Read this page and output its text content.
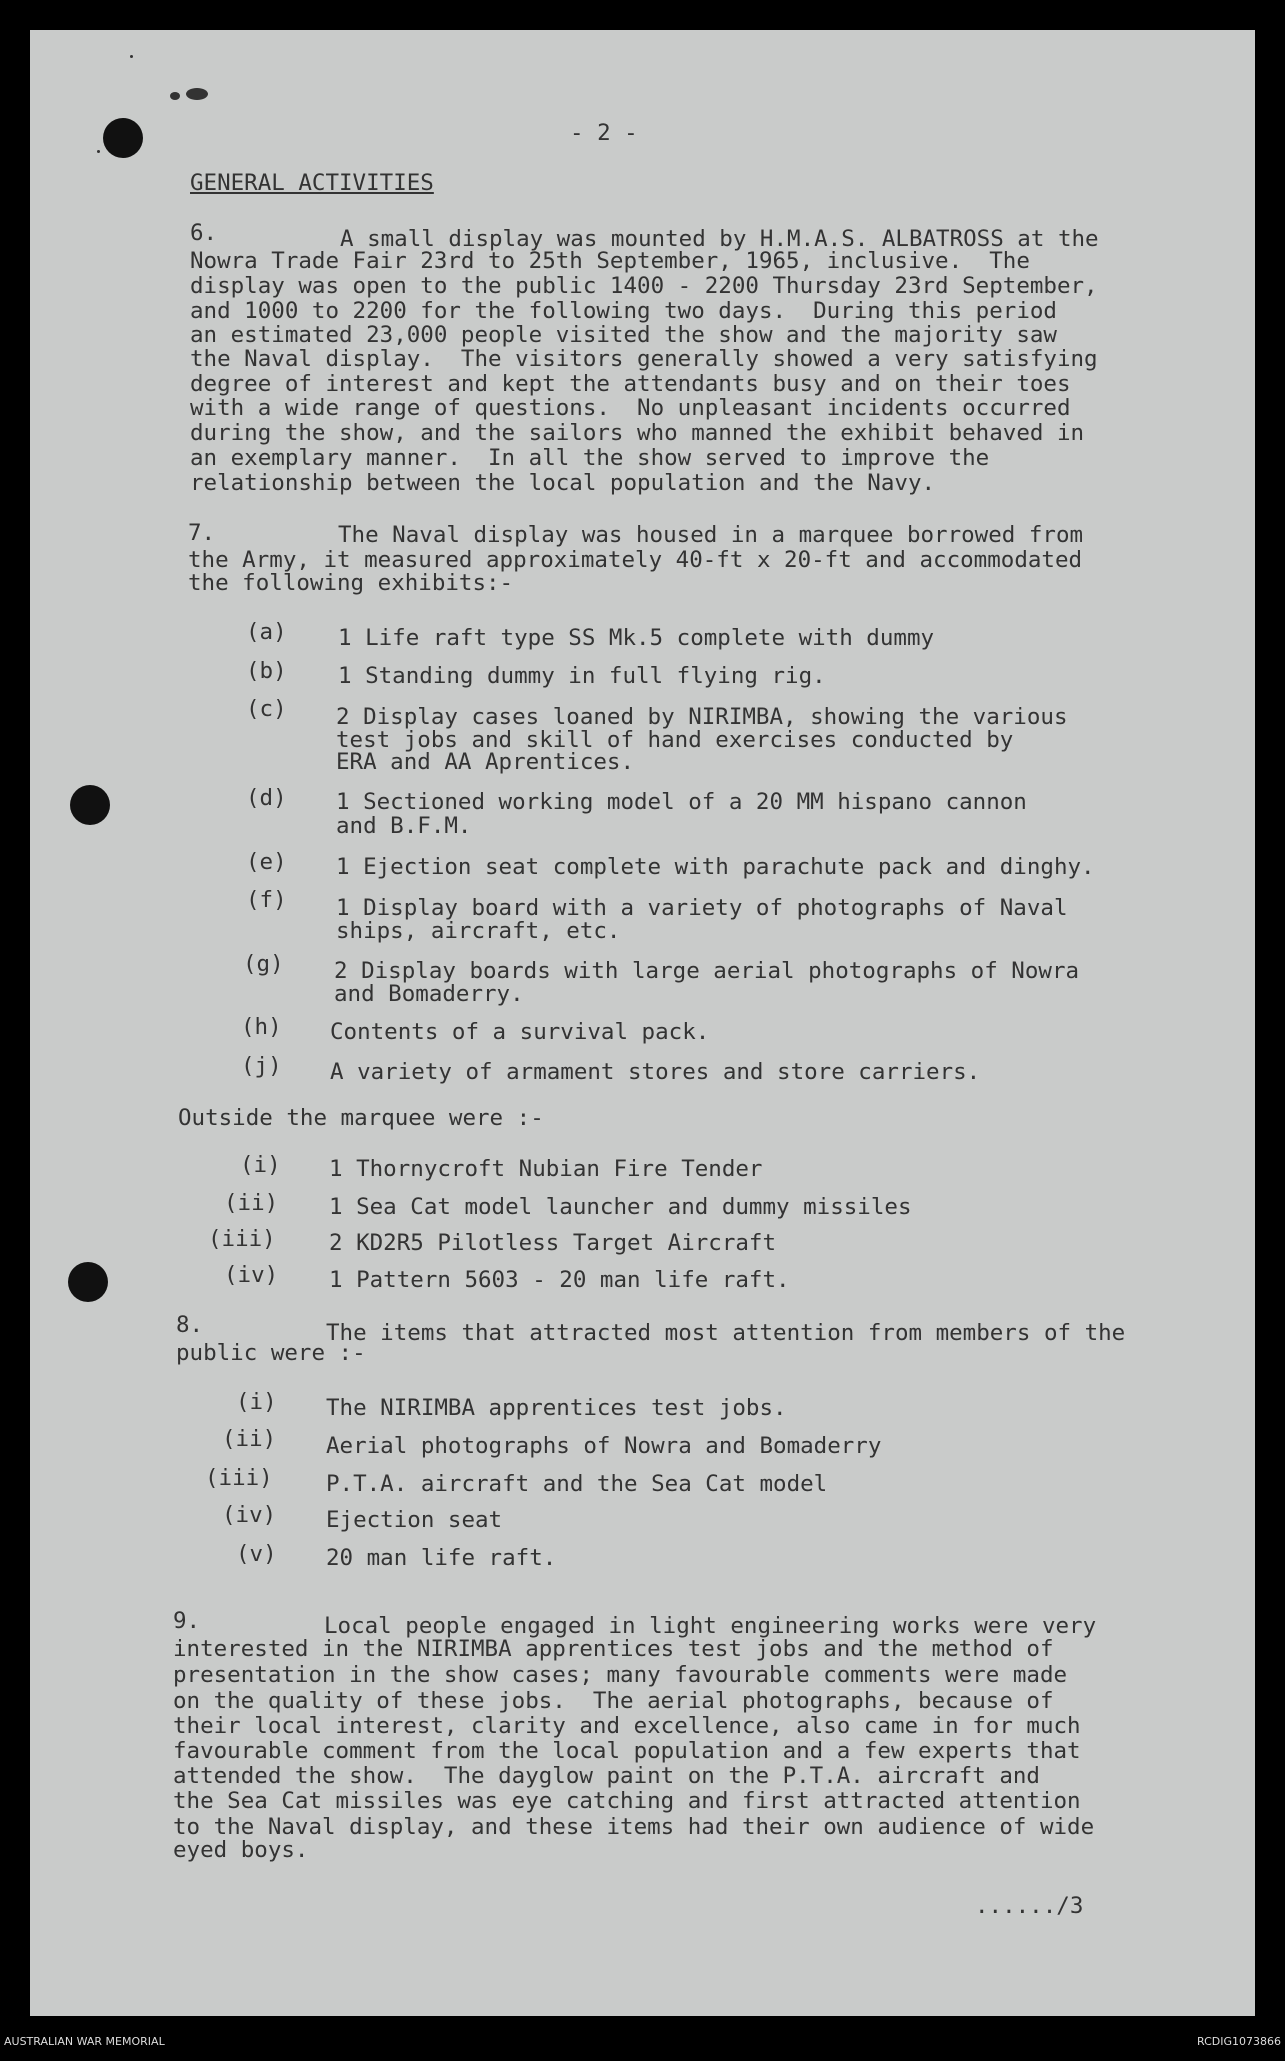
- 2 -
GENERAL ACTIVITIES
6.	A small display was mounted by H.M.A.S. ALBATROSS at the
Nowra Trade Fair 23rd to 25th September, 1965, inclusive.  The
display was open to the public 1400 - 2200 Thursday 23rd September,
and 1000 to 2200 for the following two days.  During this period
an estimated 23,000 people visited the show and the majority saw
the Naval display.  The visitors generally showed a very satisfying
degree of interest and kept the attendants busy and on their toes
with a wide range of questions.  No unpleasant incidents occurred
during the show, and the sailors who manned the exhibit behaved in
an exemplary manner.  In all the show served to improve the
relationship between the local population and the Navy.
7.	The Naval display was housed in a marquee borrowed from
the Army, it measured approximately 40-ft x 20-ft and accommodated
the following exhibits:-
(a) 1 Life raft type SS Mk.5 complete with dummy
(b) 1 Standing dummy in full flying rig.
(c) 2 Display cases loaned by NIRIMBA, showing the various
test jobs and skill of hand exercises conducted by
ERA and AA Aprentices.
(d) 1 Sectioned working model of a 20 MM hispano cannon
and B.F.M.
(e) 1 Ejection seat complete with parachute pack and dinghy.
(f) 1 Display board with a variety of photographs of Naval
ships, aircraft, etc.
(g) 2 Display boards with large aerial photographs of Nowra
and Bomaderry.
(h) Contents of a survival pack.
(j) A variety of armament stores and store carriers.
Outside the marquee were :-
(i) 1 Thornycroft Nubian Fire Tender
(ii) 1 Sea Cat model launcher and dummy missiles
(iii) 2 KD2R5 Pilotless Target Aircraft
(iv) 1 Pattern 5603 - 20 man life raft.
8.	The items that attracted most attention from members of the
public were :-
(i) The NIRIMBA apprentices test jobs.
(ii) Aerial photographs of Nowra and Bomaderry
(iii) P.T.A. aircraft and the Sea Cat model
(iv) Ejection seat
(v) 20 man life raft.
9.	Local people engaged in light engineering works were very
interested in the NIRIMBA apprentices test jobs and the method of
presentation in the show cases; many favourable comments were made
on the quality of these jobs.  The aerial photographs, because of
their local interest, clarity and excellence, also came in for much
favourable comment from the local population and a few experts that
attended the show.  The dayglow paint on the P.T.A. aircraft and
the Sea Cat missiles was eye catching and first attracted attention
to the Naval display, and these items had their own audience of wide
eyed boys.
....../3
AUSTRALIAN WAR MEMORIAL	RCDIG1073866
